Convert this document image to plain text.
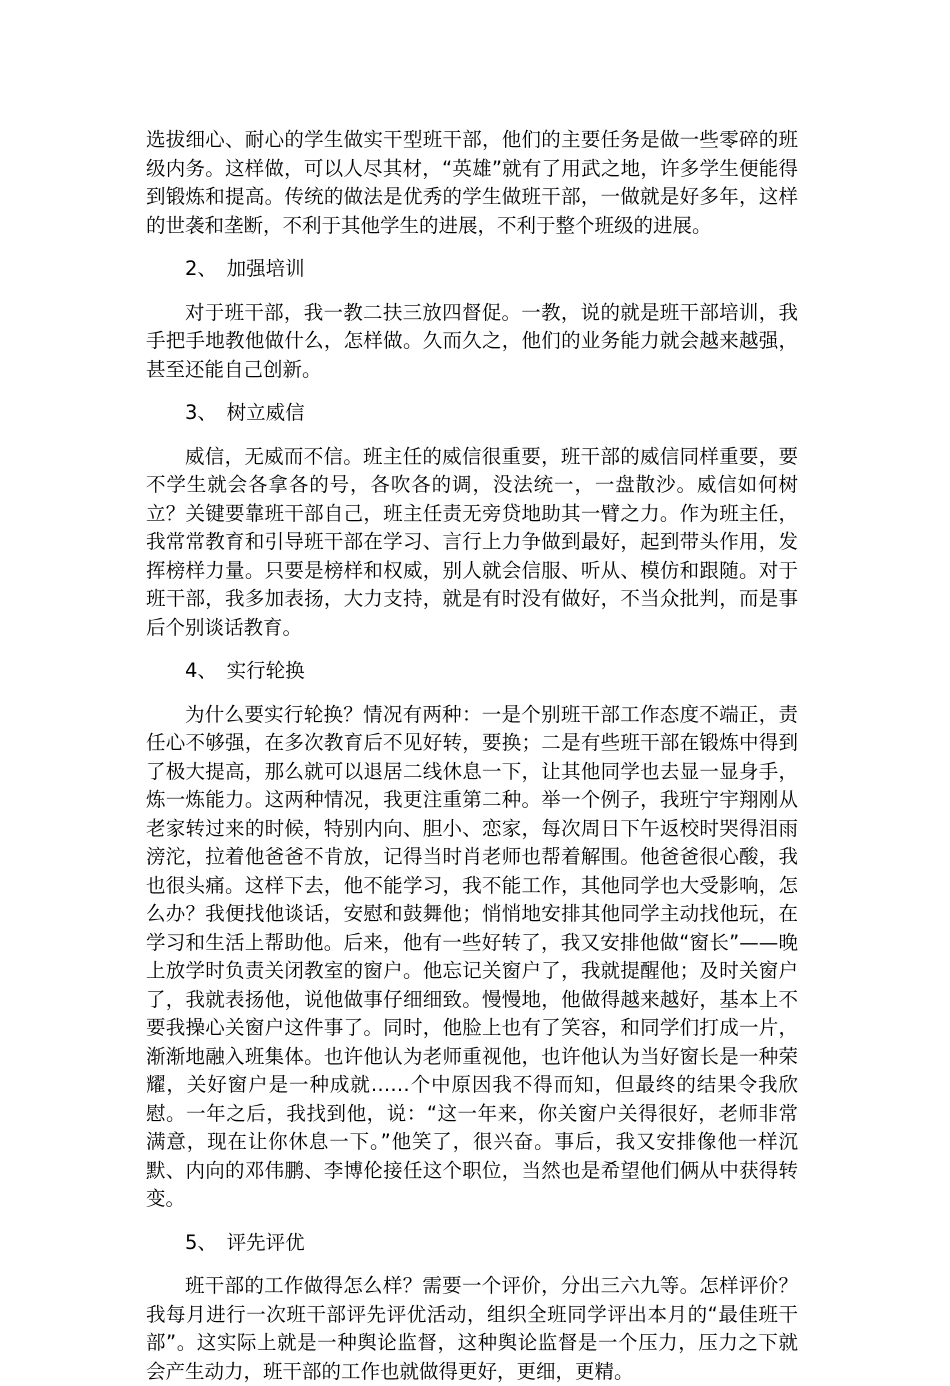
选拔细心、耐心的学生做实干型班干部，他们的主要任务是做一些零碎的班级内务。这样做，可以人尽其材，“英雄”就有了用武之地，许多学生便能得到锻炼和提高。传统的做法是优秀的学生做班干部，一做就是好多年，这样的世袭和垄断，不利于其他学生的进展，不利于整个班级的进展。

2、　加强培训

对于班干部，我一教二扶三放四督促。一教，说的就是班干部培训，我手把手地教他做什么，怎样做。久而久之，他们的业务能力就会越来越强，甚至还能自己创新。

3、　树立威信

威信，无威而不信。班主任的威信很重要，班干部的威信同样重要，要不学生就会各拿各的号，各吹各的调，没法统一，一盘散沙。威信如何树立？关键要靠班干部自己，班主任责无旁贷地助其一臂之力。作为班主任，我常常教育和引导班干部在学习、言行上力争做到最好，起到带头作用，发挥榜样力量。只要是榜样和权威，别人就会信服、听从、模仿和跟随。对于班干部，我多加表扬，大力支持，就是有时没有做好，不当众批判，而是事后个别谈话教育。

4、　实行轮换

为什么要实行轮换？情况有两种：一是个别班干部工作态度不端正，责任心不够强，在多次教育后不见好转，要换；二是有些班干部在锻炼中得到了极大提高，那么就可以退居二线休息一下，让其他同学也去显一显身手，炼一炼能力。这两种情况，我更注重第二种。举一个例子，我班宁宇翔刚从老家转过来的时候，特别内向、胆小、恋家，每次周日下午返校时哭得泪雨滂沱，拉着他爸爸不肯放，记得当时肖老师也帮着解围。他爸爸很心酸，我也很头痛。这样下去，他不能学习，我不能工作，其他同学也大受影响，怎么办？我便找他谈话，安慰和鼓舞他；悄悄地安排其他同学主动找他玩，在学习和生活上帮助他。后来，他有一些好转了，我又安排他做“窗长”——晚上放学时负责关闭教室的窗户。他忘记关窗户了，我就提醒他；及时关窗户了，我就表扬他，说他做事仔细细致。慢慢地，他做得越来越好，基本上不要我操心关窗户这件事了。同时，他脸上也有了笑容，和同学们打成一片，渐渐地融入班集体。也许他认为老师重视他，也许他认为当好窗长是一种荣耀，关好窗户是一种成就……个中原因我不得而知，但最终的结果令我欣慰。一年之后，我找到他，说：“这一年来，你关窗户关得很好，老师非常满意，现在让你休息一下。”他笑了，很兴奋。事后，我又安排像他一样沉默、内向的邓伟鹏、李博伦接任这个职位，当然也是希望他们俩从中获得转变。

5、　评先评优

班干部的工作做得怎么样？需要一个评价，分出三六九等。怎样评价？我每月进行一次班干部评先评优活动，组织全班同学评出本月的“最佳班干部”。这实际上就是一种舆论监督，这种舆论监督是一个压力，压力之下就会产生动力，班干部的工作也就做得更好，更细，更精。
